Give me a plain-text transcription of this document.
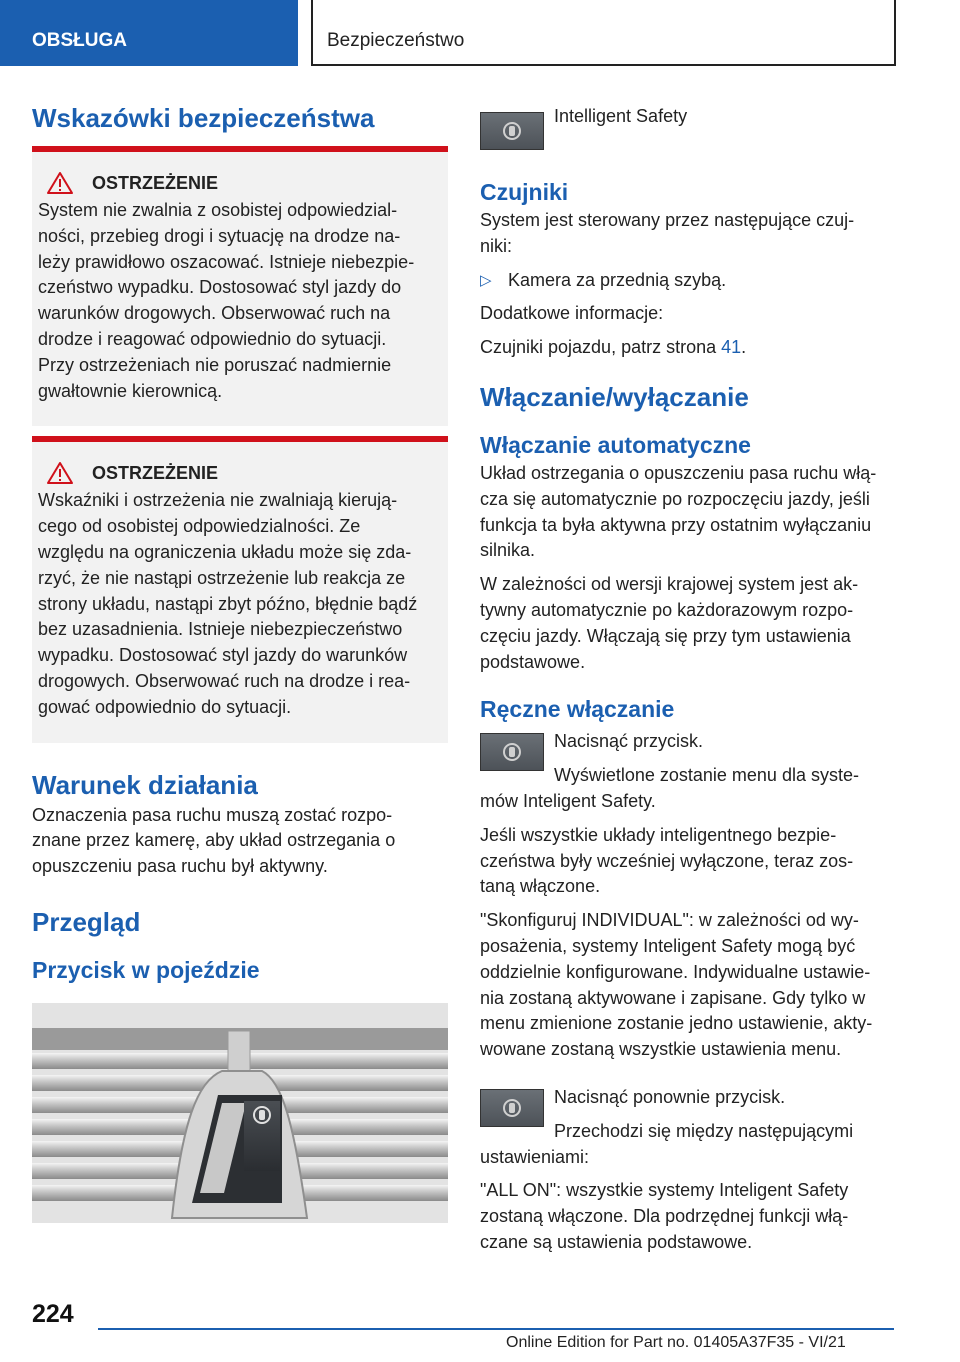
OBSŁUGA	Bezpieczeństwo
Wskazówki bezpieczeństwa
OSTRZEŻENIE
System nie zwalnia z osobistej odpowiedzial-
ności, przebieg drogi i sytuację na drodze na-
leży prawidłowo oszacować. Istnieje niebezpie-
czeństwo wypadku. Dostosować styl jazdy do
warunków drogowych. Obserwować ruch na
drodze i reagować odpowiednio do sytuacji.
Przy ostrzeżeniach nie poruszać nadmiernie
gwałtownie kierownicą.
OSTRZEŻENIE
Wskaźniki i ostrzeżenia nie zwalniają kierują-
cego od osobistej odpowiedzialności. Ze
względu na ograniczenia układu może się zda-
rzyć, że nie nastąpi ostrzeżenie lub reakcja ze
strony układu, nastąpi zbyt późno, błędnie bądź
bez uzasadnienia. Istnieje niebezpieczeństwo
wypadku. Dostosować styl jazdy do warunków
drogowych. Obserwować ruch na drodze i rea-
gować odpowiednio do sytuacji.
Warunek działania
Oznaczenia pasa ruchu muszą zostać rozpo-
znane przez kamerę, aby układ ostrzegania o
opuszczeniu pasa ruchu był aktywny.
Przegląd
Przycisk w pojeździe
Intelligent Safety
Czujniki
System jest sterowany przez następujące czuj-
niki:
▷ Kamera za przednią szybą.
Dodatkowe informacje:
Czujniki pojazdu, patrz strona 41.
Włączanie/wyłączanie
Włączanie automatyczne
Układ ostrzegania o opuszczeniu pasa ruchu włą-
cza się automatycznie po rozpoczęciu jazdy, jeśli
funkcja ta była aktywna przy ostatnim wyłączaniu
silnika.
W zależności od wersji krajowej system jest ak-
tywny automatycznie po każdorazowym rozpo-
częciu jazdy. Włączają się przy tym ustawienia
podstawowe.
Ręczne włączanie
Nacisnąć przycisk.
Wyświetlone zostanie menu dla syste-
mów Inteligent Safety.
Jeśli wszystkie układy inteligentnego bezpie-
czeństwa były wcześniej wyłączone, teraz zos-
taną włączone.
"Skonfiguruj INDIVIDUAL": w zależności od wy-
posażenia, systemy Inteligent Safety mogą być
oddzielnie konfigurowane. Indywidualne ustawie-
nia zostaną aktywowane i zapisane. Gdy tylko w
menu zmienione zostanie jedno ustawienie, akty-
wowane zostaną wszystkie ustawienia menu.
Nacisnąć ponownie przycisk.
Przechodzi się między następującymi
ustawieniami:
"ALL ON": wszystkie systemy Inteligent Safety
zostaną włączone. Dla podrzędnej funkcji włą-
czane są ustawienia podstawowe.
224
Online Edition for Part no. 01405A37F35 - VI/21
